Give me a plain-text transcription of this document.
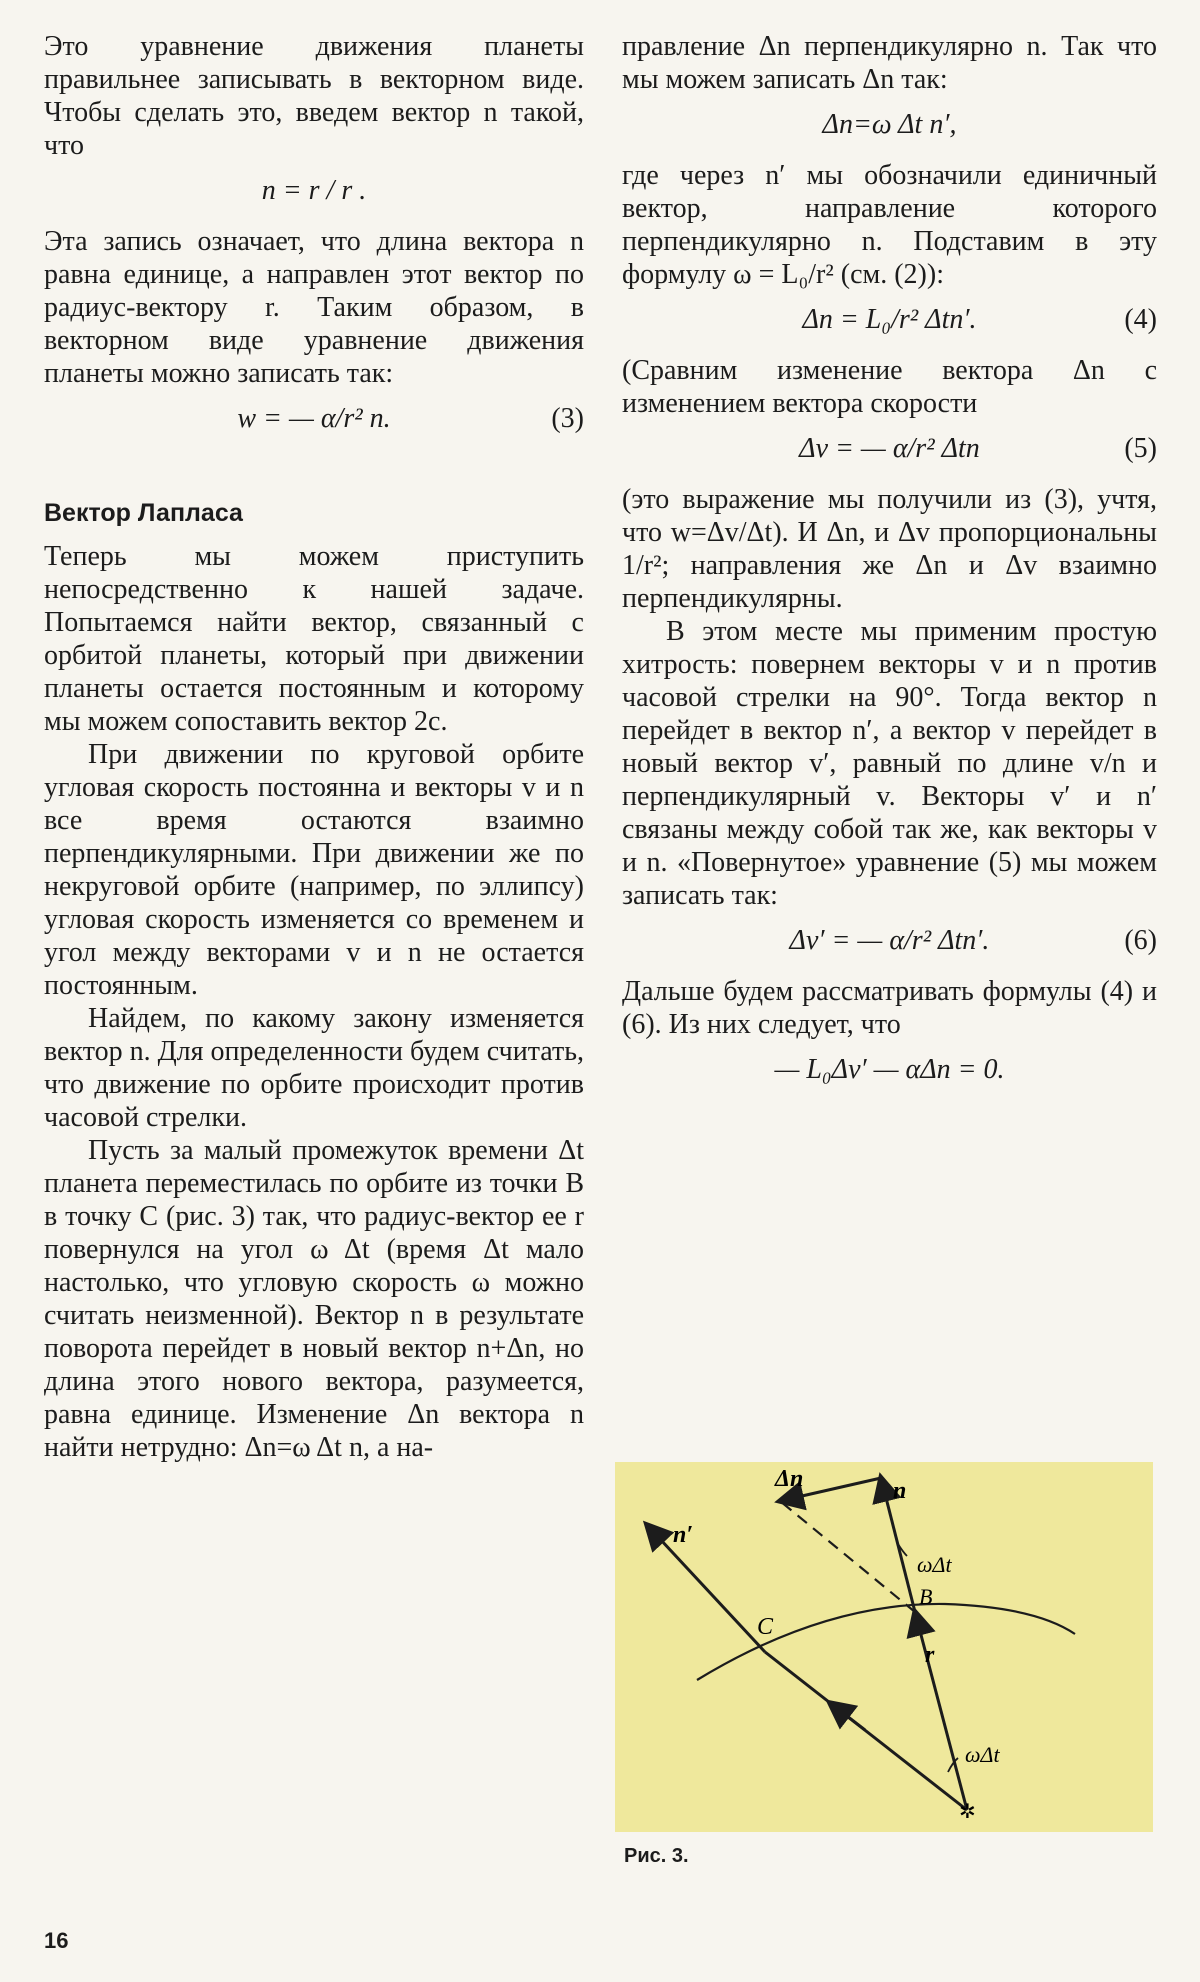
Это уравнение движения планеты правильнее записывать в векторном виде. Чтобы сделать это, введем вектор n такой, что

n = r / r .

Эта запись означает, что длина вектора n равна единице, а направлен этот вектор по радиус-вектору r. Таким образом, в векторном виде уравнение движения планеты можно записать так:

w = — α/r² n.	(3)
Вектор Лапласа

Теперь мы можем приступить непосредственно к нашей задаче. Попытаемся найти вектор, связанный с орбитой планеты, который при движении планеты остается постоянным и которому мы можем сопоставить вектор 2c.

При движении по круговой орбите угловая скорость постоянна и векторы v и n все время остаются взаимно перпендикулярными. При движении же по некруговой орбите (например, по эллипсу) угловая скорость изменяется со временем и угол между векторами v и n не остается постоянным.

Найдем, по какому закону изменяется вектор n. Для определенности будем считать, что движение по орбите происходит против часовой стрелки.

Пусть за малый промежуток времени Δt планета переместилась по орбите из точки B в точку C (рис. 3) так, что радиус-вектор ее r повернулся на угол ω Δt (время Δt мало настолько, что угловую скорость ω можно считать неизменной). Вектор n в результате поворота перейдет в новый вектор n+Δn, но длина этого нового вектора, разумеется, равна единице. Изменение Δn вектора n найти нетрудно: Δn=ω Δt n, а на-

правление Δn перпендикулярно n. Так что мы можем записать Δn так:

Δn=ω Δt n′,

где через n′ мы обозначили единичный вектор, направление которого перпендикулярно n. Подставим в эту формулу ω = L₀/r² (см. (2)):

Δn = L₀/r² Δtn′.	(4)

(Сравним изменение вектора Δn с изменением вектора скорости

Δv = — α/r² Δtn	(5)

(это выражение мы получили из (3), учтя, что w=Δv/Δt). И Δn, и Δv пропорциональны 1/r²; направления же Δn и Δv взаимно перпендикулярны.

В этом месте мы применим простую хитрость: повернем векторы v и n против часовой стрелки на 90°. Тогда вектор n перейдет в вектор n′, а вектор v перейдет в новый вектор v′, равный по длине v/n и перпендикулярный v. Векторы v′ и n′ связаны между собой так же, как векторы v и n. «Повернутое» уравнение (5) мы можем записать так:

Δv′ = — α/r² Δtn′.	(6)

Дальше будем рассматривать формулы (4) и (6). Из них следует, что

— L₀Δv′ — αΔn = 0.
✲
Δn	n
n′
ωΔt
B
C
r
ωΔt
Рис. 3.
16
